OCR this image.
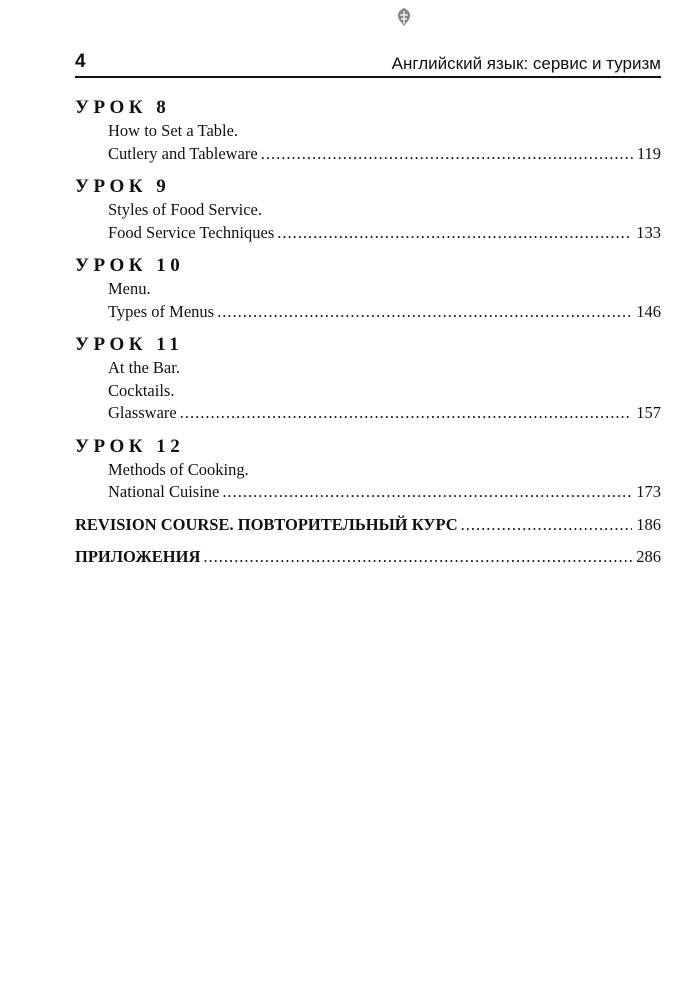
4	Английский язык: сервис и туризм

УРОК 8

How to Set a Table.
Cutlery and Tableware .....	119

УРОК 9

Styles of Food Service.
Food Service Techniques .....	133

УРОК 10

Menu.
Types of Menus .....	146

УРОК 11

At the Bar.
Cocktails.
Glassware .....	157

УРОК 12

Methods of Cooking.
National Cuisine .....	173
REVISION COURSE. ПОВТОРИТЕЛЬНЫЙ КУРС .....	186
ПРИЛОЖЕНИЯ .....	286
